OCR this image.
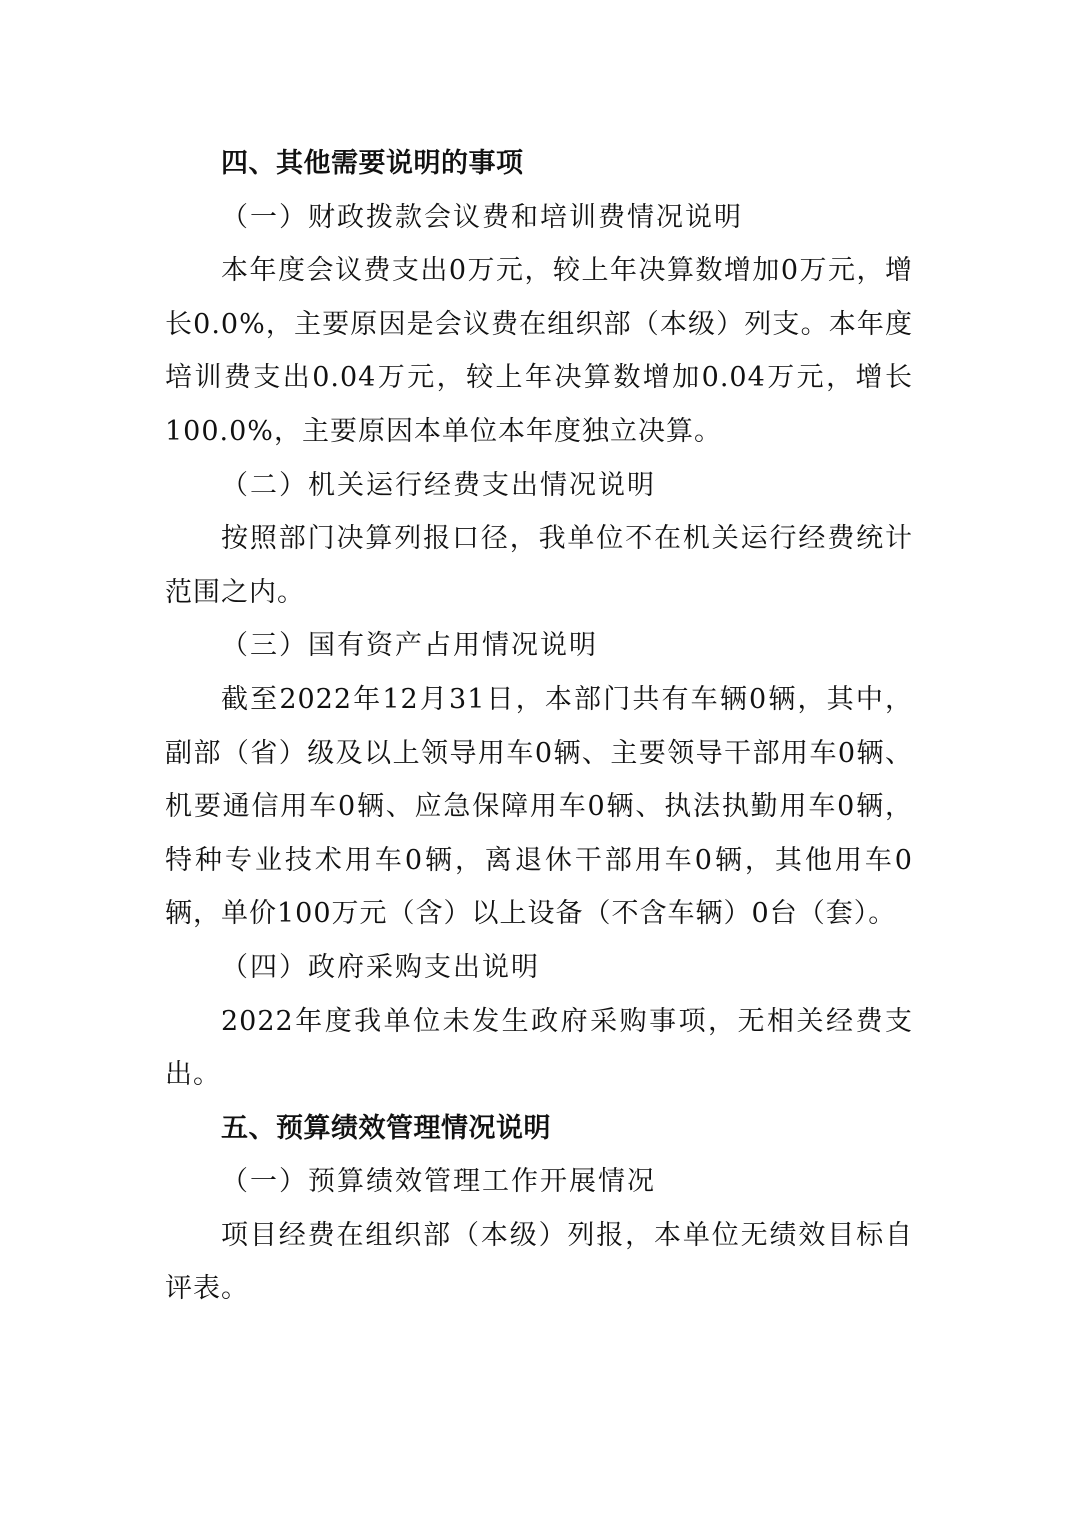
四、其他需要说明的事项

（一）财政拨款会议费和培训费情况说明

本年度会议费支出0万元，较上年决算数增加0万元，增长0.0%，主要原因是会议费在组织部（本级）列支。本年度培训费支出0.04万元，较上年决算数增加0.04万元，增长100.0%，主要原因本单位本年度独立决算。

（二）机关运行经费支出情况说明

按照部门决算列报口径，我单位不在机关运行经费统计范围之内。

（三）国有资产占用情况说明

截至2022年12月31日，本部门共有车辆0辆，其中，副部（省）级及以上领导用车0辆、主要领导干部用车0辆、机要通信用车0辆、应急保障用车0辆、执法执勤用车0辆，特种专业技术用车0辆，离退休干部用车0辆，其他用车0辆，单价100万元（含）以上设备（不含车辆）0台（套）。

（四）政府采购支出说明

2022年度我单位未发生政府采购事项，无相关经费支出。

五、预算绩效管理情况说明

（一）预算绩效管理工作开展情况

项目经费在组织部（本级）列报，本单位无绩效目标自评表。
